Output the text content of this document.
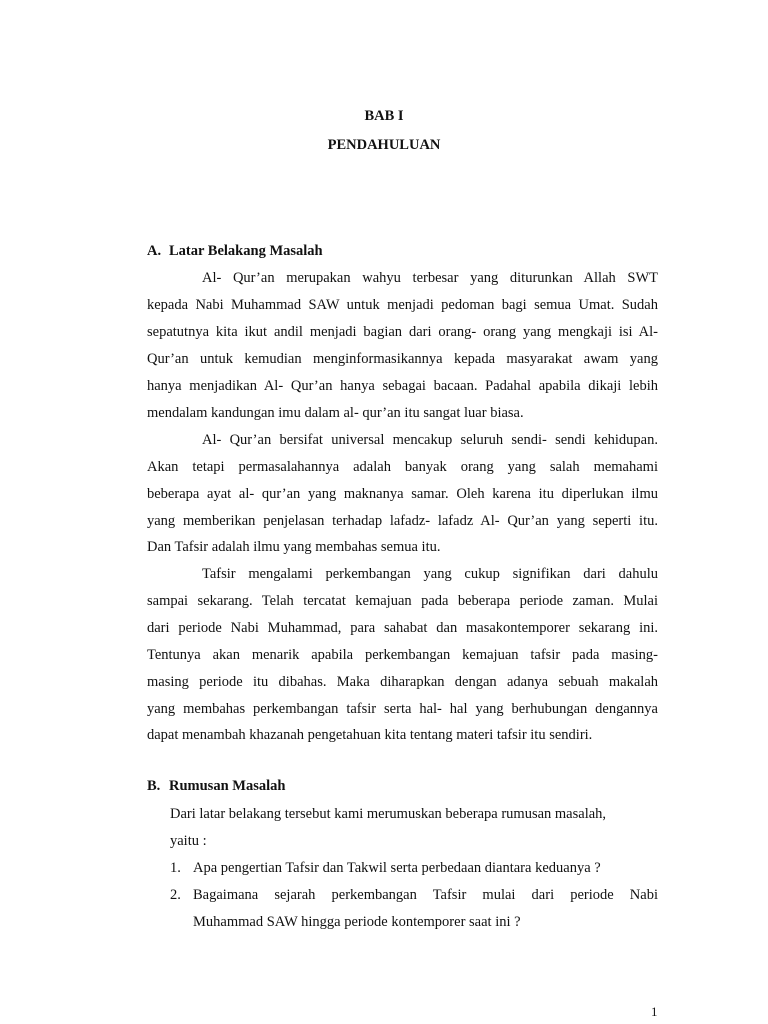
BAB I
PENDAHULUAN
A. Latar Belakang Masalah
Al- Qur’an merupakan wahyu terbesar yang diturunkan Allah SWT
kepada Nabi Muhammad SAW untuk menjadi pedoman bagi semua Umat. Sudah
sepatutnya kita ikut andil menjadi bagian dari orang- orang yang mengkaji isi Al-
Qur’an untuk kemudian menginformasikannya kepada masyarakat awam yang
hanya menjadikan Al- Qur’an hanya sebagai bacaan. Padahal apabila dikaji lebih
mendalam kandungan imu dalam al- qur’an itu sangat luar biasa.
Al- Qur’an bersifat universal mencakup seluruh sendi- sendi kehidupan.
Akan tetapi permasalahannya adalah banyak orang yang salah memahami
beberapa ayat al- qur’an yang maknanya samar. Oleh karena itu diperlukan ilmu
yang memberikan penjelasan terhadap lafadz- lafadz Al- Qur’an yang seperti itu.
Dan Tafsir adalah ilmu yang membahas semua itu.
Tafsir mengalami perkembangan yang cukup signifikan dari dahulu
sampai sekarang. Telah tercatat kemajuan pada beberapa periode zaman. Mulai
dari periode Nabi Muhammad, para sahabat dan masakontemporer sekarang ini.
Tentunya akan menarik apabila perkembangan kemajuan tafsir pada masing-
masing periode itu dibahas. Maka diharapkan dengan adanya sebuah makalah
yang membahas perkembangan tafsir serta hal- hal yang berhubungan dengannya
dapat menambah khazanah pengetahuan kita tentang materi tafsir itu sendiri.
B. Rumusan Masalah
Dari latar belakang tersebut kami merumuskan beberapa rumusan masalah,
yaitu :
1. Apa pengertian Tafsir dan Takwil serta perbedaan diantara keduanya ?
2. Bagaimana sejarah perkembangan Tafsir mulai dari periode Nabi
Muhammad SAW hingga periode kontemporer saat ini ?
1
